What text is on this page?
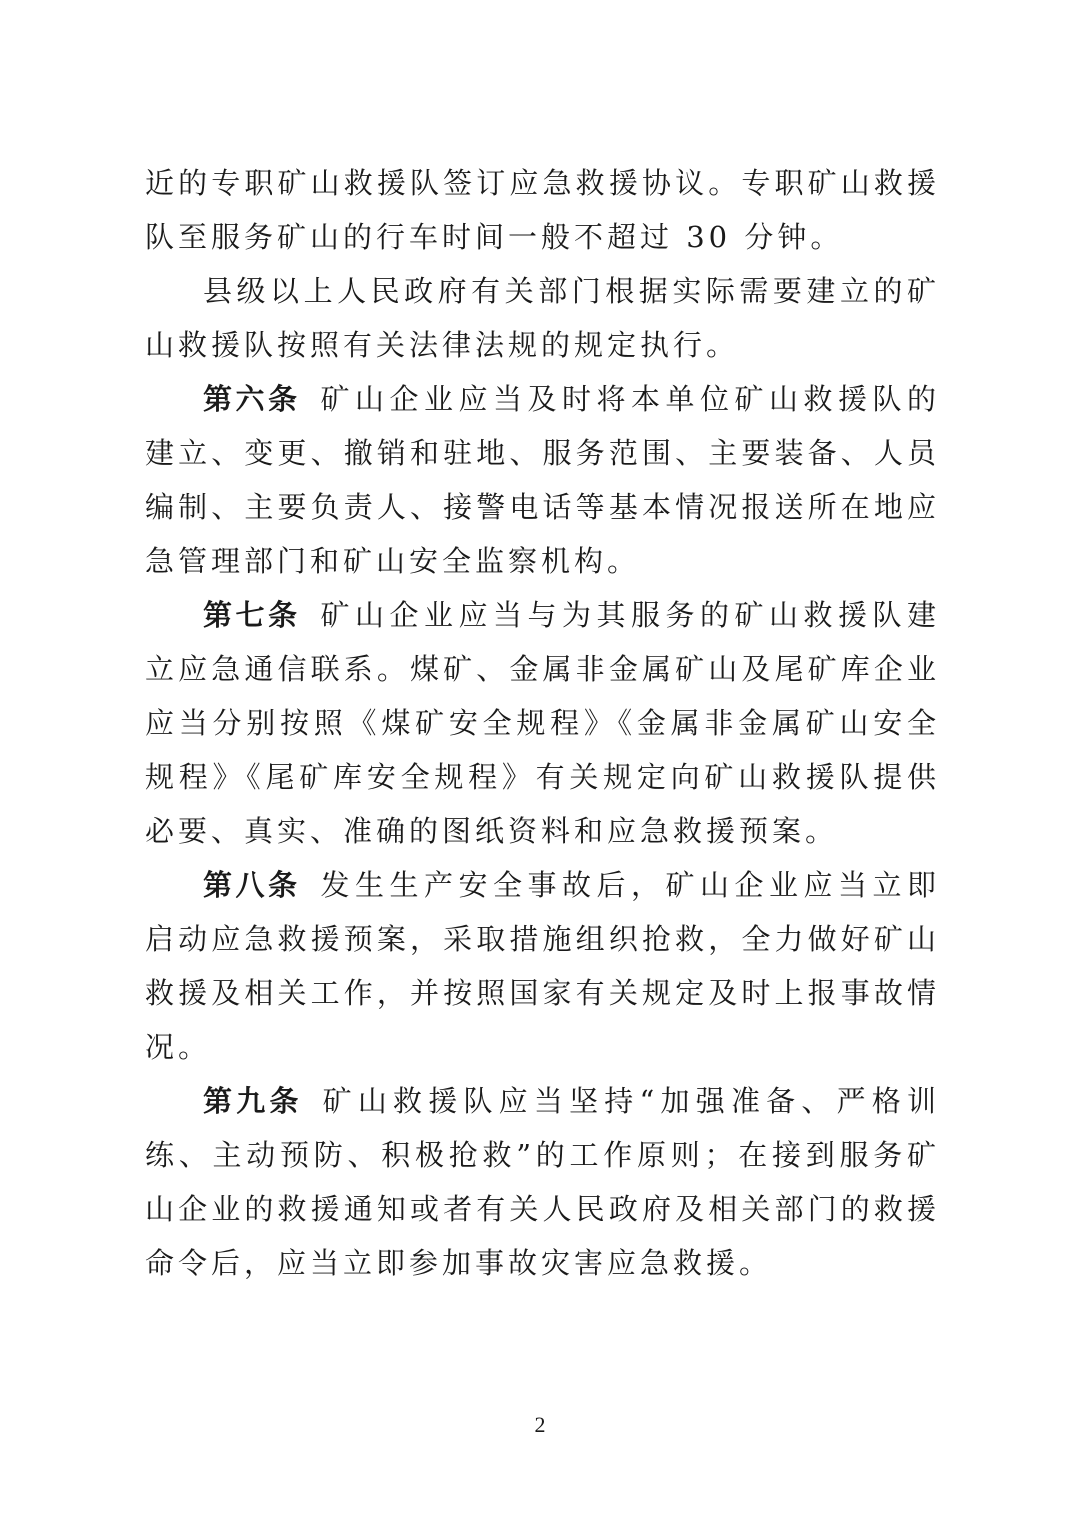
近的专职矿山救援队签订应急救援协议。专职矿山救援队至服务矿山的行车时间一般不超过 30 分钟。

县级以上人民政府有关部门根据实际需要建立的矿山救援队按照有关法律法规的规定执行。

第六条 矿山企业应当及时将本单位矿山救援队的建立、变更、撤销和驻地、服务范围、主要装备、人员编制、主要负责人、接警电话等基本情况报送所在地应急管理部门和矿山安全监察机构。

第七条 矿山企业应当与为其服务的矿山救援队建立应急通信联系。煤矿、金属非金属矿山及尾矿库企业应当分别按照《煤矿安全规程》《金属非金属矿山安全规程》《尾矿库安全规程》有关规定向矿山救援队提供必要、真实、准确的图纸资料和应急救援预案。

第八条 发生生产安全事故后，矿山企业应当立即启动应急救援预案，采取措施组织抢救，全力做好矿山救援及相关工作，并按照国家有关规定及时上报事故情况。

第九条 矿山救援队应当坚持“加强准备、严格训练、主动预防、积极抢救”的工作原则；在接到服务矿山企业的救援通知或者有关人民政府及相关部门的救援命令后，应当立即参加事故灾害应急救援。

2
